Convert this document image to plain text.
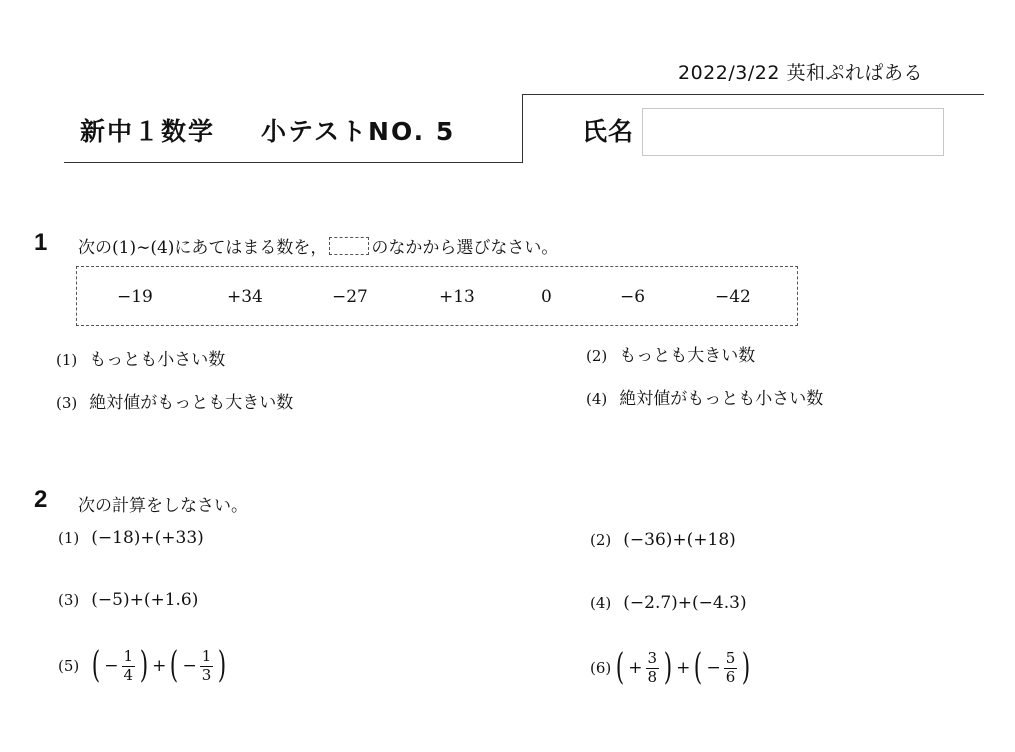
2022/3/22 英和ぷれぱある
新中１数学 小テストNO. 5	氏名
1 次の(1)∼(4)にあてはまる数を，	のなかから選びなさい。
−19	+34	−27	+13	0	−6	−42
(1) もっとも小さい数	(2) もっとも大きい数
(3) 絶対値がもっとも大きい数	(4) 絶対値がもっとも小さい数
2 次の計算をしなさい。
(1) (−18)+(+33)	(2) (−36)+(+18)
(3) (−5)+(+1.6)	(4) (−2.7)+(−4.3)
(5) ( − $\frac{1}{4}$ ) + ( − $\frac{1}{3}$ )	(6) ( + $\frac{3}{8}$ ) + ( − $\frac{5}{6}$ )
